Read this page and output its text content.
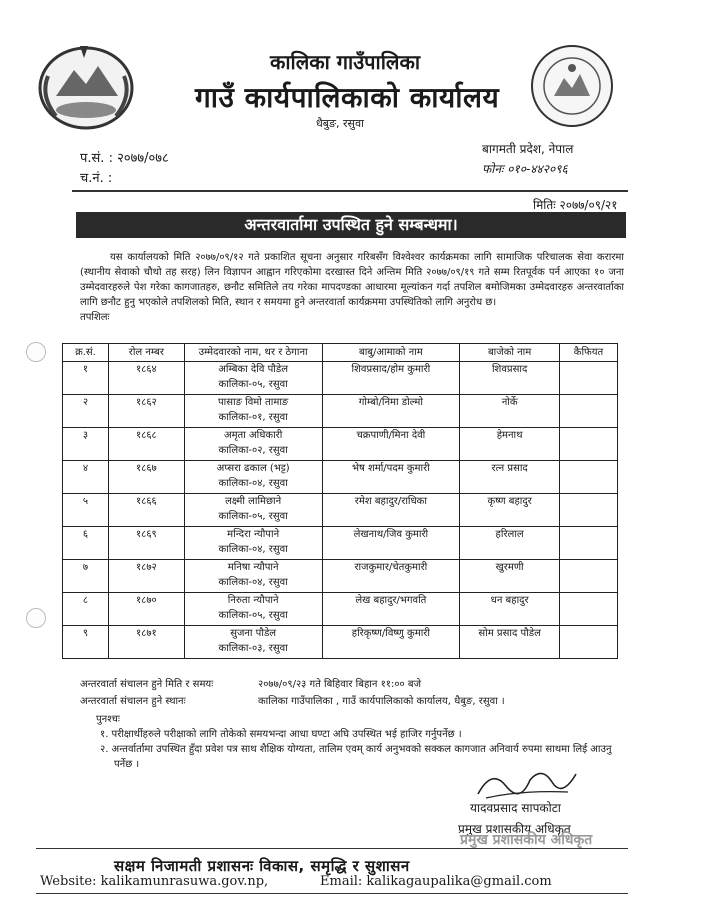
कालिका गाउँपालिका
गाउँ कार्यपालिकाको कार्यालय
धैबुङ, रसुवा
बागमती प्रदेश, नेपाल
फोनः ०१०-४४२०९६
प.सं. : २०७७/०७८
च.नं. :
मितिः २०७७/०९/२१
अन्तरवार्तामा उपस्थित हुने सम्बन्धमा।
यस कार्यालयको मिति २०७७/०९/१२ गते प्रकाशित सूचना अनुसार गरिबसँग विश्वेश्वर कार्यक्रमका लागि सामाजिक परिचालक सेवा करारमा (स्थानीय सेवाको चौथो तह सरह) लिन विज्ञापन आह्वान गरिएकोमा दरखास्त दिने अन्तिम मिति २०७७/०९/१९ गते सम्म रितपूर्वक पर्न आएका १० जना उम्मेदवारहरुले पेश गरेका कागजातहरु, छनौट समितिले तय गरेका मापदण्डका आधारमा मूल्यांकन गर्दा तपशिल बमोजिमका उम्मेदवारहरु अन्तरवार्ताका लागि छनौट हुनु भएकोले तपशिलको मिति, स्थान र समयमा हुने अन्तरवार्ता कार्यक्रममा उपस्थितिको लागि अनुरोध छ।
तपशिलः
क्र.सं.	रोल नम्बर	उम्मेदवारको नाम, थर र ठेगाना	बाबु/आमाको नाम	बाजेको नाम	कैफियत
१	१८६४	अम्बिका देवि पौडेल
कालिका-०५, रसुवा	शिवप्रसाद/होम कुमारी	शिवप्रसाद	
२	१८६२	पासाङ विमो तामाङ
कालिका-०१, रसुवा	गोम्बो/निमा डोल्मो	नोर्के	
३	१८६८	अमृता अधिकारी
कालिका-०२, रसुवा	चक्रपाणी/मिना देवी	हेमनाथ	
४	१८६७	अप्सरा ढकाल (भट्ट)
कालिका-०४, रसुवा	भेष शर्मा/पदम कुमारी	रत्न प्रसाद	
५	१८६६	लक्ष्मी लामिछाने
कालिका-०५, रसुवा	रमेश बहादुर/राधिका	कृष्ण बहादुर	
६	१८६९	मन्दिरा न्यौपाने
कालिका-०४, रसुवा	लेखनाथ/जिव कुमारी	हरिलाल	
७	१८७२	मनिषा न्यौपाने
कालिका-०४, रसुवा	राजकुमार/चेतकुमारी	खुरमणी	
८	१८७०	निरुता न्यौपाने
कालिका-०५, रसुवा	लेख बहादुर/भगवति	धन बहादुर	
९	१८७१	सुजना पौडेल
कालिका-०३, रसुवा	हरिकृष्ण/विष्णु कुमारी	सोम प्रसाद पौडेल	
अन्तरवार्ता संचालन हुने मिति र समयः	२०७७/०९/२३ गते बिहिवार बिहान ११:०० बजे
अन्तरवार्ता संचालन हुने स्थानः	कालिका गाउँपालिका , गाउँ कार्यपालिकाको कार्यालय, धैबुङ, रसुवा ।
पुनश्चः
१. परीक्षार्थीहरुले परीक्षाको लागि तोकेको समयभन्दा आधा घण्टा अघि उपस्थित भई हाजिर गर्नुपर्नेछ ।
२. अन्तर्वार्तामा उपस्थित हुँदा प्रवेश पत्र साथ शैक्षिक योग्यता, तालिम एवम् कार्य अनुभवको सक्कल कागजात अनिवार्य रुपमा साथमा लिई आउनु पर्नेछ ।
यादवप्रसाद सापकोटा
प्रमुख प्रशासकीय अधिकृत
प्रमुख प्रशासकीय अधिकृत
सक्षम निजामती प्रशासनः विकास, समृद्धि र सुशासन
Website: kalikamunrasuwa.gov.np,	Email: kalikagaupalika@gmail.com
